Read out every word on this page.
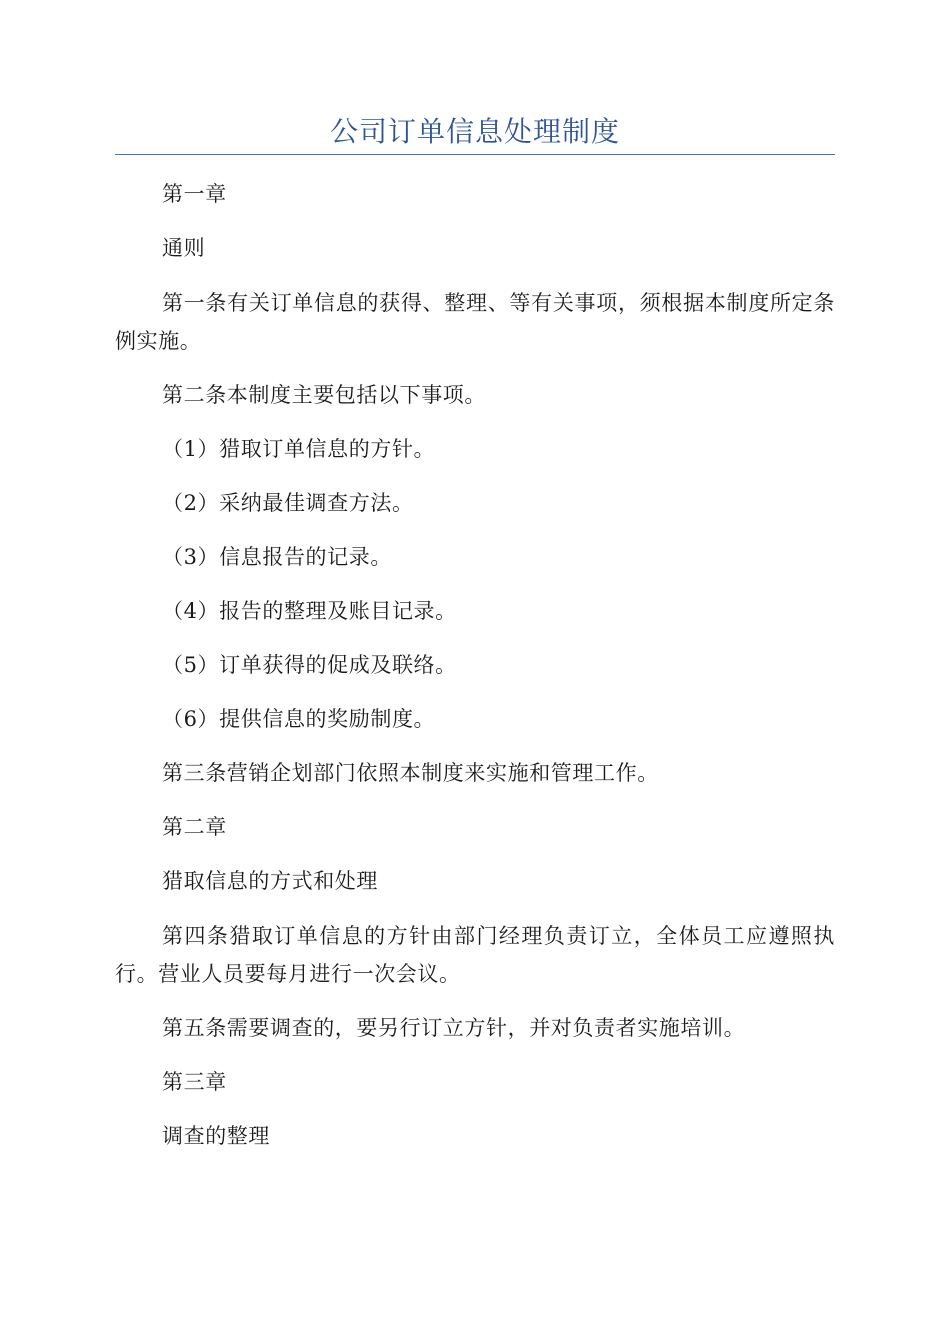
公司订单信息处理制度

第一章

通则

第一条有关订单信息的获得、整理、等有关事项，须根据本制度所定条例实施。

第二条本制度主要包括以下事项。

（1）猎取订单信息的方针。

（2）采纳最佳调查方法。

（3）信息报告的记录。

（4）报告的整理及账目记录。

（5）订单获得的促成及联络。

（6）提供信息的奖励制度。

第三条营销企划部门依照本制度来实施和管理工作。

第二章

猎取信息的方式和处理

第四条猎取订单信息的方针由部门经理负责订立，全体员工应遵照执行。营业人员要每月进行一次会议。

第五条需要调查的，要另行订立方针，并对负责者实施培训。

第三章

调查的整理
